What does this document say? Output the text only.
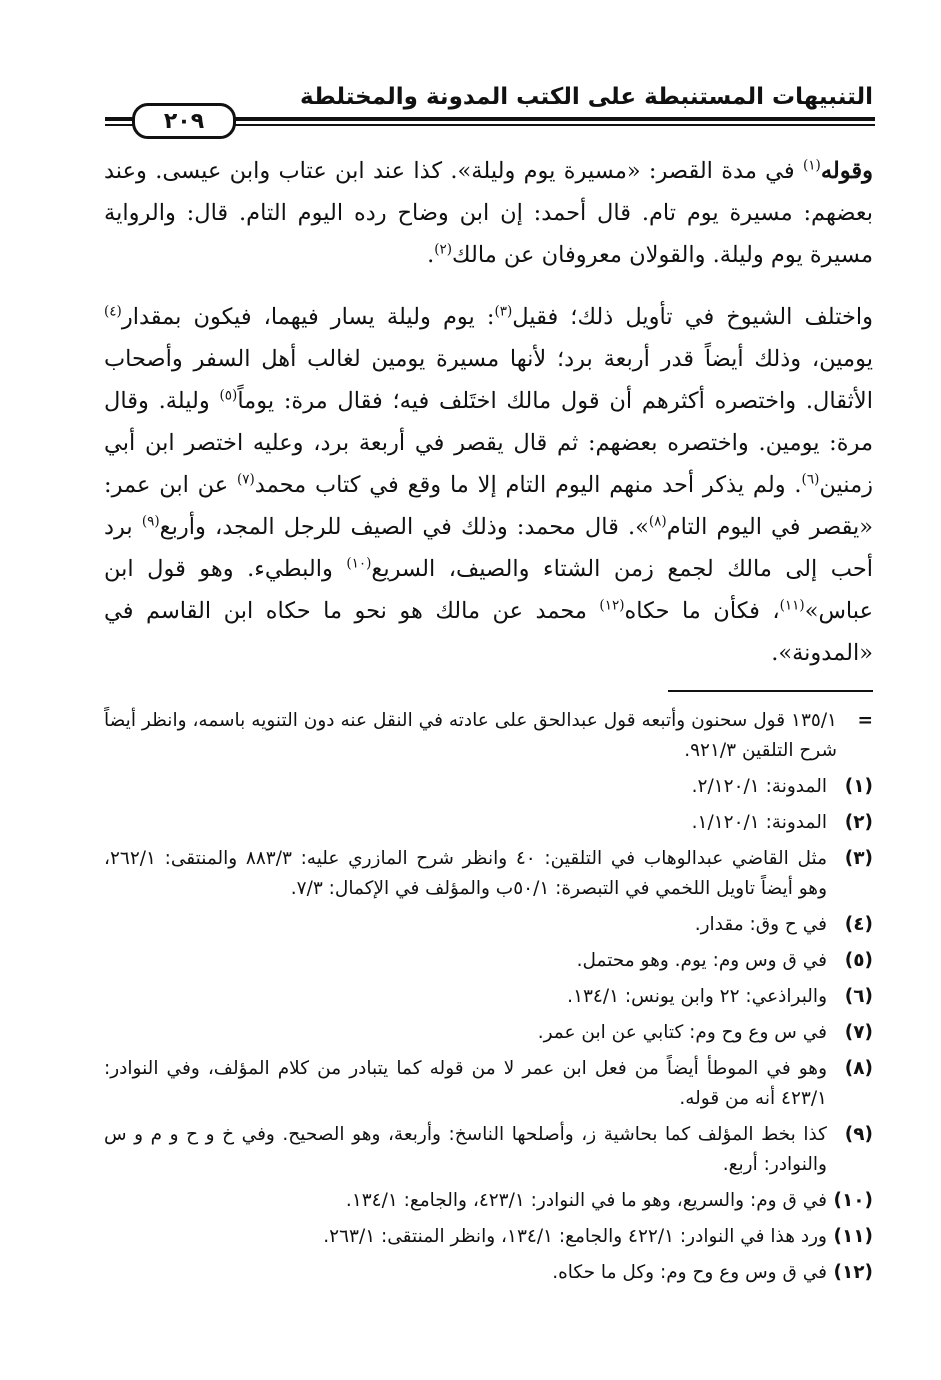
التنبيهات المستنبطة على الكتب المدونة والمختلطة
٢٠٩

وقوله$^{(١)}$ في مدة القصر: «مسيرة يوم وليلة». كذا عند ابن عتاب وابن عيسى. وعند بعضهم: مسيرة يوم تام. قال أحمد: إن ابن وضاح رده اليوم التام. قال: والرواية مسيرة يوم وليلة. والقولان معروفان عن مالك$^{(٢)}$.

واختلف الشيوخ في تأويل ذلك؛ فقيل$^{(٣)}$: يوم وليلة يسار فيهما، فيكون بمقدار$^{(٤)}$ يومين، وذلك أيضاً قدر أربعة برد؛ لأنها مسيرة يومين لغالب أهل السفر وأصحاب الأثقال. واختصره أكثرهم أن قول مالك اختَلف فيه؛ فقال مرة: يوماً$^{(٥)}$ وليلة. وقال مرة: يومين. واختصره بعضهم: ثم قال يقصر في أربعة برد، وعليه اختصر ابن أبي زمنين$^{(٦)}$. ولم يذكر أحد منهم اليوم التام إلا ما وقع في كتاب محمد$^{(٧)}$ عن ابن عمر: «يقصر في اليوم التام$^{(٨)}$». قال محمد: وذلك في الصيف للرجل المجد، وأربع$^{(٩)}$ برد أحب إلى مالك لجمع زمن الشتاء والصيف، السريع$^{(١٠)}$ والبطيء. وهو قول ابن عباس»$^{(١١)}$، فكأن ما حكاه$^{(١٢)}$ محمد عن مالك هو نحو ما حكاه ابن القاسم في «المدونة».

=
١٣٥/١ قول سحنون وأتبعه قول عبدالحق على عادته في النقل عنه دون التنويه باسمه، وانظر أيضاً شرح التلقين ٩٢١/٣.
(١)
المدونة: ٢/١٢٠/١.
(٢)
المدونة: ١/١٢٠/١.
(٣)
مثل القاضي عبدالوهاب في التلقين: ٤٠ وانظر شرح المازري عليه: ٨٨٣/٣ والمنتقى: ٢٦٢/١، وهو أيضاً تاويل اللخمي في التبصرة: ٥٠/١ب والمؤلف في الإكمال: ٧/٣.
(٤)
في ح وق: مقدار.
(٥)
في ق وس وم: يوم. وهو محتمل.
(٦)
والبراذعي: ٢٢ وابن يونس: ١٣٤/١.
(٧)
في س وع وح وم: كتابي عن ابن عمر.
(٨)
وهو في الموطأ أيضاً من فعل ابن عمر لا من قوله كما يتبادر من كلام المؤلف، وفي النوادر: ٤٢٣/١ أنه من قوله.
(٩)
كذا بخط المؤلف كما بحاشية ز، وأصلحها الناسخ: وأربعة، وهو الصحيح. وفي خ و ح و م و س والنوادر: أربع.
(١٠)
في ق وم: والسريع، وهو ما في النوادر: ٤٢٣/١، والجامع: ١٣٤/١.
(١١)
ورد هذا في النوادر: ٤٢٢/١ والجامع: ١٣٤/١، وانظر المنتقى: ٢٦٣/١.
(١٢)
في ق وس وع وح وم: وكل ما حكاه.
